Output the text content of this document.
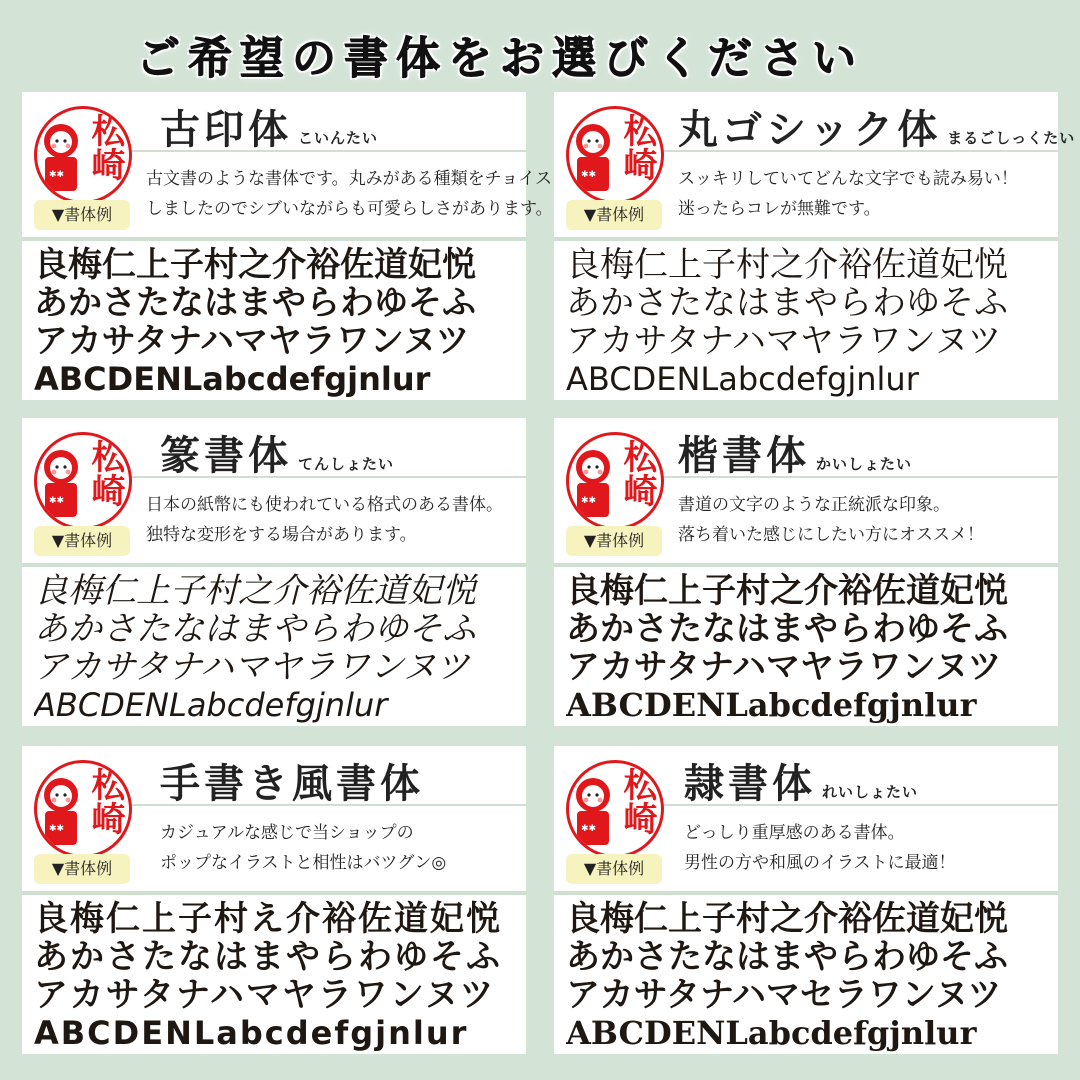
ご希望の書体をお選びください
✱✱ 松崎 古印体 こいんたい
古文書のような書体です。丸みがある種類をチョイス
しましたのでシブいながらも可愛らしさがあります。
▼書体例
良梅仁上子村之介裕佐道妃悦
あかさたなはまやらわゆそふ
アカサタナハマヤラワンヌツ
ABCDENLabcdefgjnlur
✱✱ 松崎 丸ゴシック体 まるごしっくたい
スッキリしていてどんな文字でも読み易い！
迷ったらコレが無難です。
▼書体例
良梅仁上子村之介裕佐道妃悦
あかさたなはまやらわゆそふ
アカサタナハマヤラワンヌツ
ABCDENLabcdefgjnlur
✱✱ 松崎 篆書体 てんしょたい
日本の紙幣にも使われている格式のある書体。
独特な変形をする場合があります。
▼書体例
良梅仁上子村之介裕佐道妃悦
あかさたなはまやらわゆそふ
アカサタナハマヤラワンヌツ
ABCDENLabcdefgjnlur
✱✱ 松崎 楷書体 かいしょたい
書道の文字のような正統派な印象。
落ち着いた感じにしたい方にオススメ！
▼書体例
良梅仁上子村之介裕佐道妃悦
あかさたなはまやらわゆそふ
アカサタナハマヤラワンヌツ
ABCDENLabcdefgjnlur
✱✱ 松崎 手書き風書体
カジュアルな感じで当ショップの
ポップなイラストと相性はバツグン◎
▼書体例
良梅仁上子村え介裕佐道妃悦
あかさたなはまやらわゆそふ
アカサタナハマヤラワンヌツ
ABCDENLabcdefgjnlur
✱✱ 松崎 隷書体 れいしょたい
どっしり重厚感のある書体。
男性の方や和風のイラストに最適！
▼書体例
良梅仁上子村之介裕佐道妃悦
あかさたなはまやらわゆそふ
アカサタナハマセラワンヌツ
ABCDENLabcdefgjnlur
